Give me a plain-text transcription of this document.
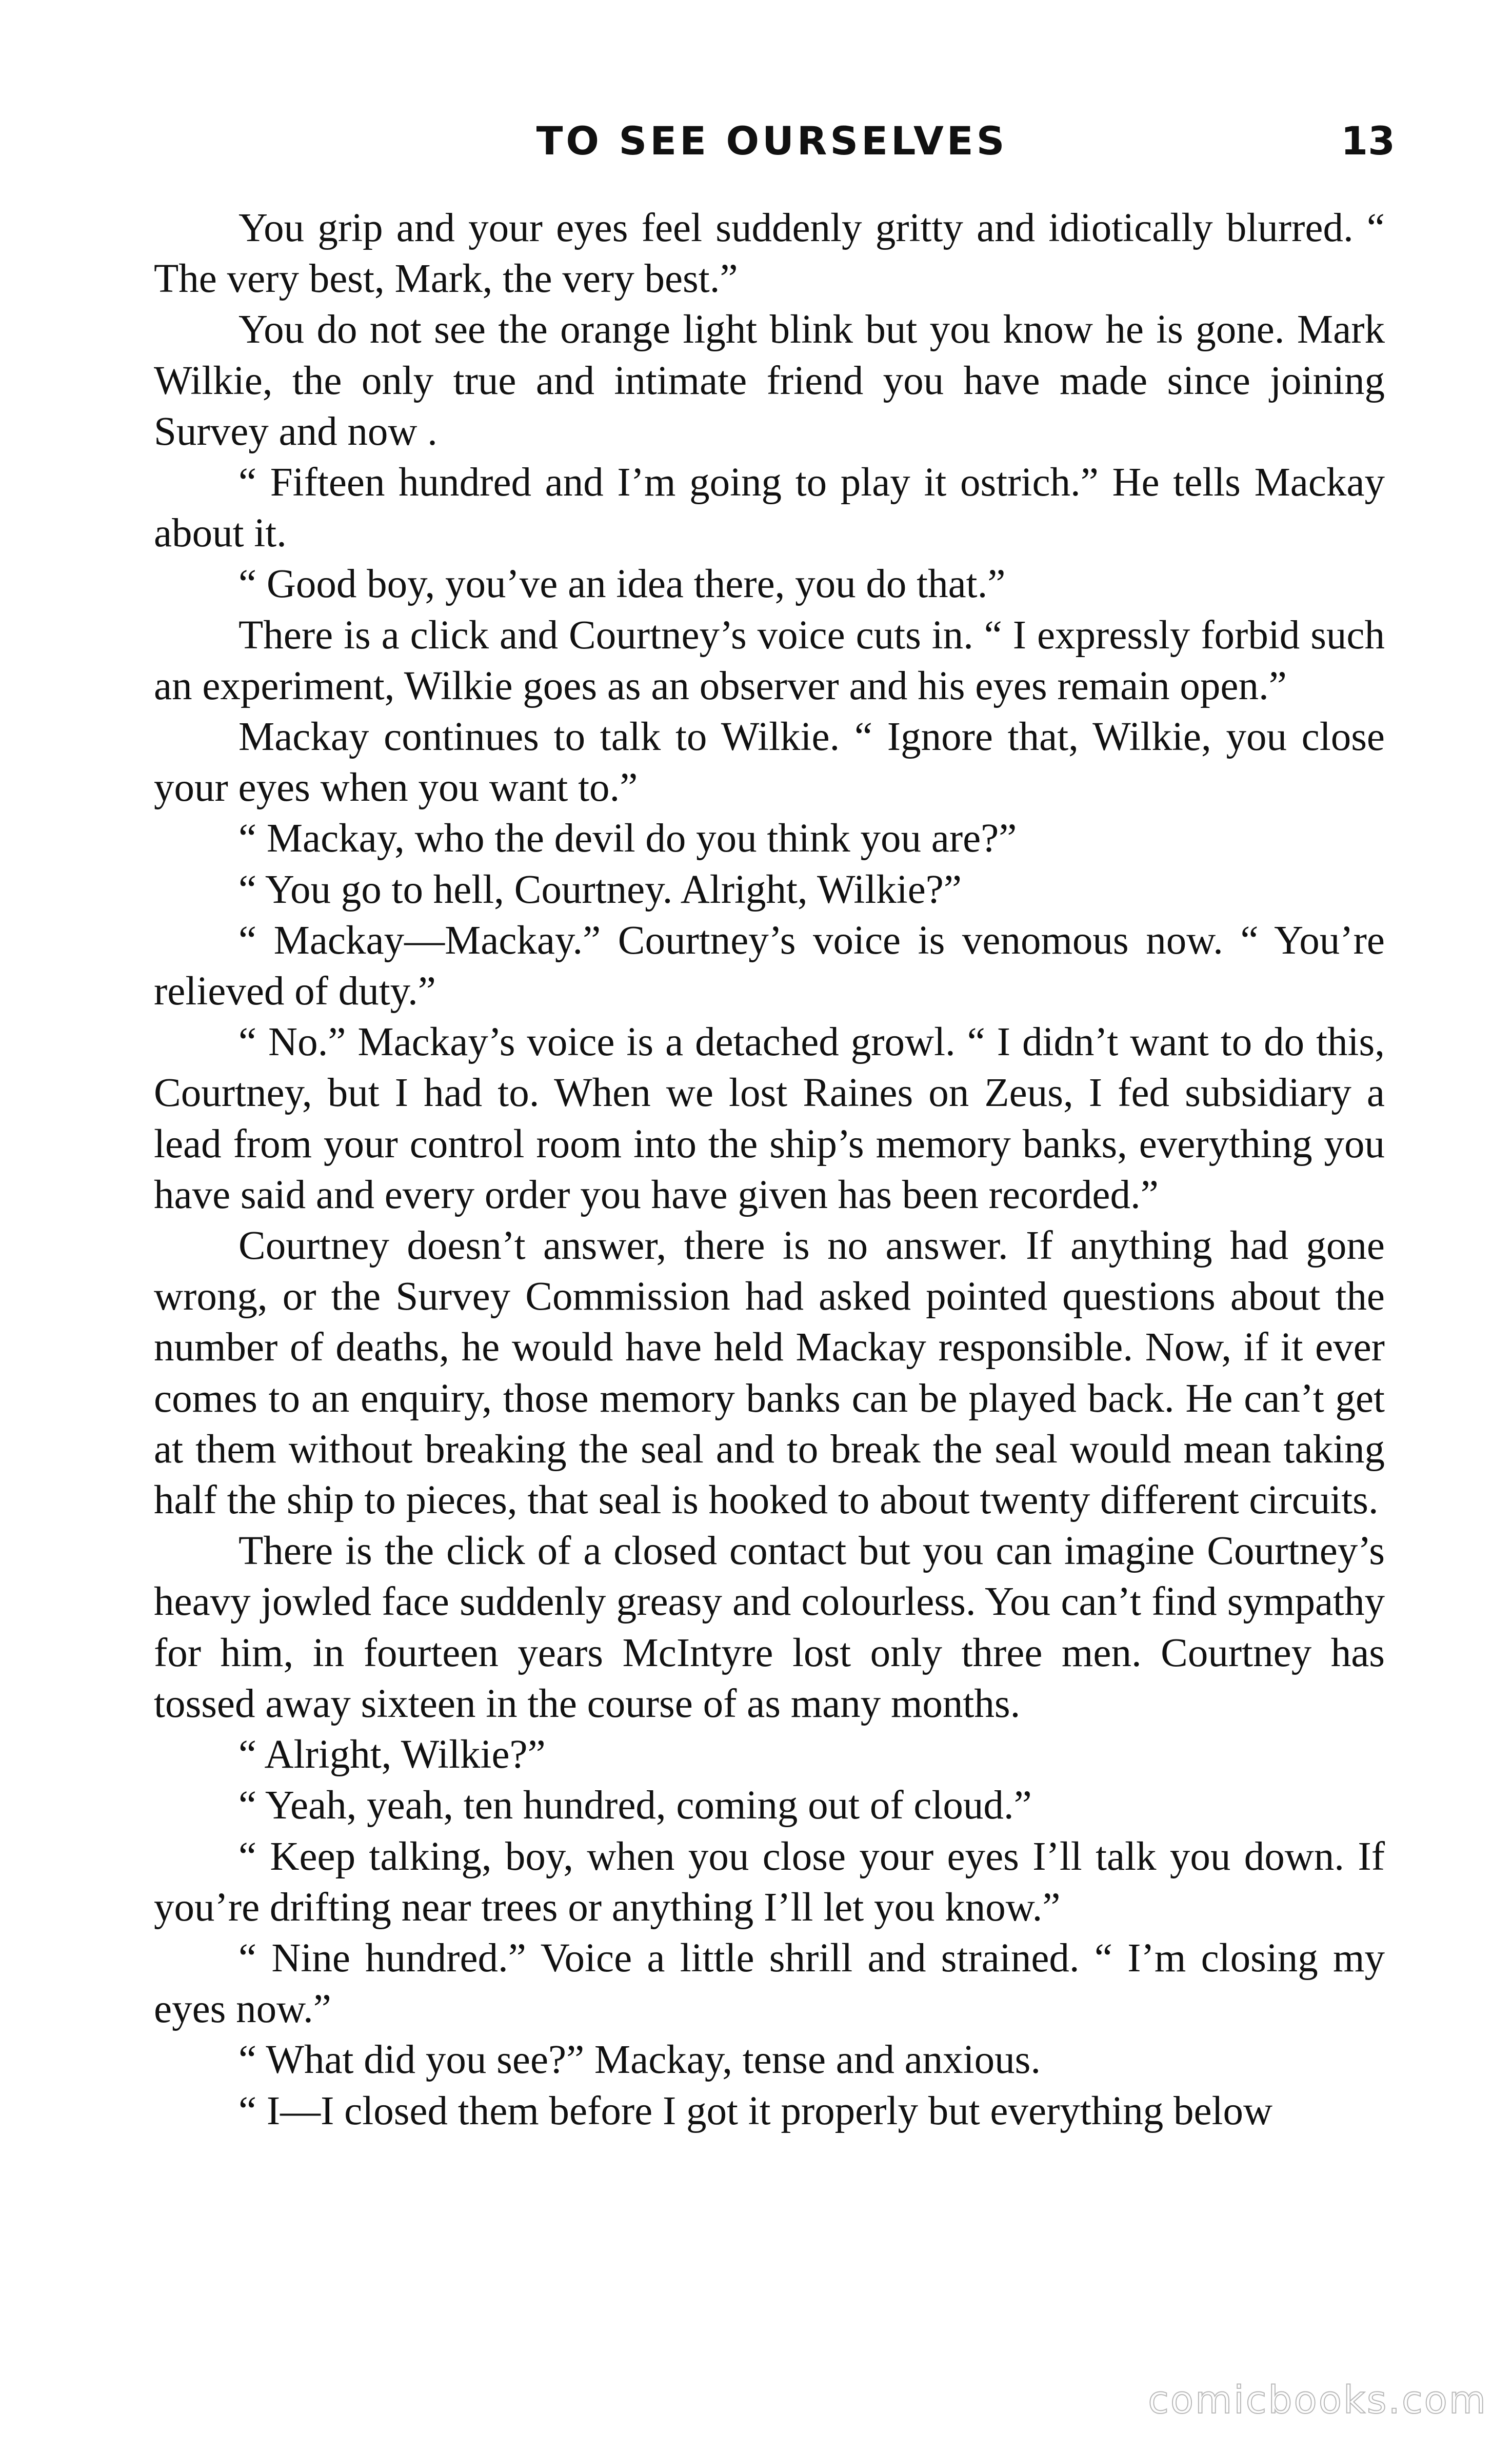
TO SEE OURSELVES	13

You grip and your eyes feel suddenly gritty and idiotically blurred. “ The very best, Mark, the very best.”

You do not see the orange light blink but you know he is gone. Mark Wilkie, the only true and intimate friend you have made since joining Survey and now .

“ Fifteen hundred and I’m going to play it ostrich.” He tells Mackay about it.

“ Good boy, you’ve an idea there, you do that.”

There is a click and Courtney’s voice cuts in. “ I expressly forbid such an experiment, Wilkie goes as an observer and his eyes remain open.”

Mackay continues to talk to Wilkie. “ Ignore that, Wilkie, you close your eyes when you want to.”

“ Mackay, who the devil do you think you are?”

“ You go to hell, Courtney. Alright, Wilkie?”

“ Mackay—Mackay.” Courtney’s voice is venomous now. “ You’re relieved of duty.”

“ No.” Mackay’s voice is a detached growl. “ I didn’t want to do this, Courtney, but I had to. When we lost Raines on Zeus, I fed subsidiary a lead from your control room into the ship’s memory banks, everything you have said and every order you have given has been recorded.”

Courtney doesn’t answer, there is no answer. If anything had gone wrong, or the Survey Commission had asked pointed questions about the number of deaths, he would have held Mackay responsible. Now, if it ever comes to an enquiry, those memory banks can be played back. He can’t get at them without breaking the seal and to break the seal would mean taking half the ship to pieces, that seal is hooked to about twenty different circuits.

There is the click of a closed contact but you can imagine Courtney’s heavy jowled face suddenly greasy and colourless. You can’t find sympathy for him, in fourteen years McIntyre lost only three men. Courtney has tossed away sixteen in the course of as many months.

“ Alright, Wilkie?”

“ Yeah, yeah, ten hundred, coming out of cloud.”

“ Keep talking, boy, when you close your eyes I’ll talk you down. If you’re drifting near trees or anything I’ll let you know.”

“ Nine hundred.” Voice a little shrill and strained. “ I’m closing my eyes now.”

“ What did you see?” Mackay, tense and anxious.

“ I—I closed them before I got it properly but everything below

comicbooks.com
